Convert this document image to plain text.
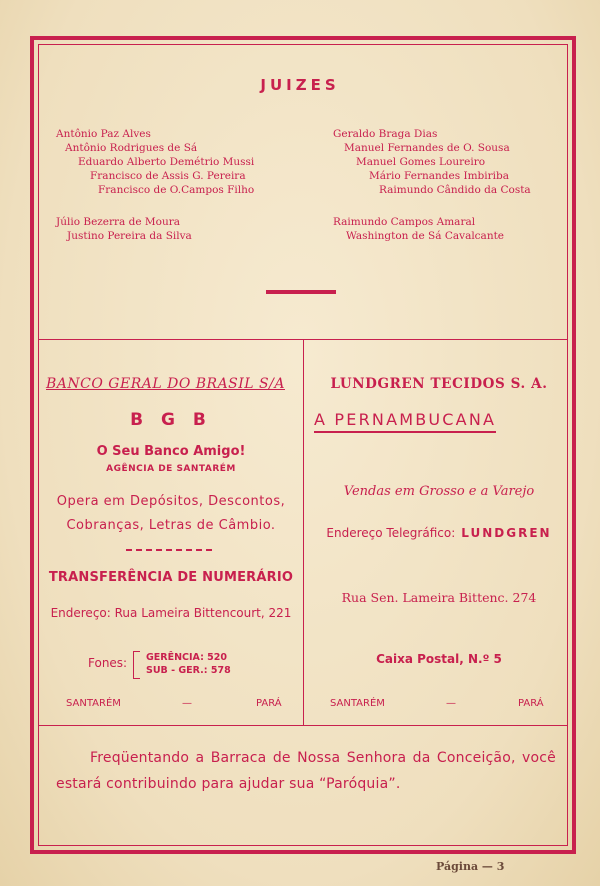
JUIZES
Antônio Paz Alves
Antônio Rodrigues de Sá
Eduardo Alberto Demétrio Mussi
Francisco de Assis G. Pereira
Francisco de O.Campos Filho
Júlio Bezerra de Moura
Justino Pereira da Silva
Geraldo Braga Dias
Manuel Fernandes de O. Sousa
Manuel Gomes Loureiro
Mário Fernandes Imbiriba
Raimundo Cândido da Costa
Raimundo Campos Amaral
Washington de Sá Cavalcante
BANCO GERAL DO BRASIL S/A
B G B
O Seu Banco Amigo!
AGÊNCIA DE SANTARÉM
Opera em Depósitos, Descontos,
Cobranças, Letras de Câmbio.
TRANSFERÊNCIA DE NUMERÁRIO
Endereço: Rua Lameira Bittencourt, 221
Fones: GERÊNCIA: 520
SUB - GER.: 578
SANTARÉM	—	PARÁ
LUNDGREN TECIDOS S. A.
A PERNAMBUCANA
Vendas em Grosso e a Varejo
Endereço Telegráfico: LUNDGREN
Rua Sen. Lameira Bittenc. 274
Caixa Postal, N.º 5
SANTARÉM	—	PARÁ
Freqüentando a Barraca de Nossa Senhora da Conceição, você estará contribuindo para ajudar sua “Paróquia”.
Página — 3
